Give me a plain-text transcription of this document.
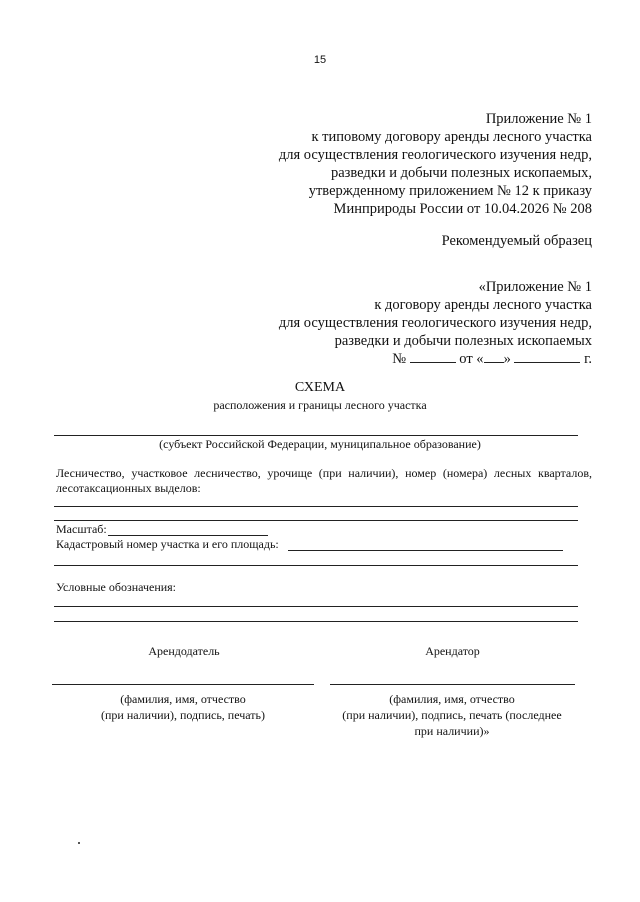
15
Приложение № 1
к типовому договору аренды лесного участка
для осуществления геологического изучения недр,
разведки и добычи полезных ископаемых,
утвержденному приложением № 12 к приказу
Минприроды России от 10.04.2026 № 208
Рекомендуемый образец
«Приложение № 1
к договору аренды лесного участка
для осуществления геологического изучения недр,
разведки и добычи полезных ископаемых
№	от « »	г.
СХЕМА
расположения и границы лесного участка
(субъект Российской Федерации, муниципальное образование)
Лесничество, участковое лесничество, урочище (при наличии), номер (номера) лесных кварталов,
лесотаксационных выделов:
Масштаб:
Кадастровый номер участка и его площадь:
Условные обозначения:
Арендодатель	Арендатор
(фамилия, имя, отчество
(при наличии), подпись, печать)
(фамилия, имя, отчество
(при наличии), подпись, печать (последнее
при наличии)»
